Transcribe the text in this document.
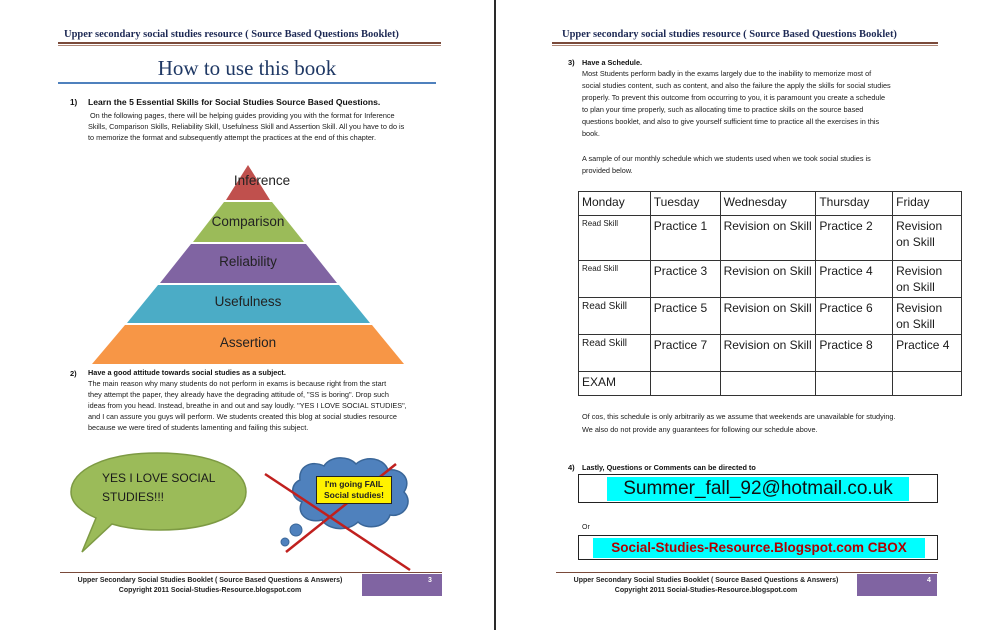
Upper secondary social studies resource ( Source Based Questions Booklet)
How to use this book
1) Learn the 5 Essential Skills for Social Studies Source Based Questions.
On the following pages, there will be helping guides providing you with the format for Inference
Skills, Comparison Skills, Reliability Skill, Usefulness Skill and Assertion Skill. All you have to do is
to memorize the format and subsequently attempt the practices at the end of this chapter.
Inference
Comparison
Reliability
Usefulness
Assertion
2) Have a good attitude towards social studies as a subject.
The main reason why many students do not perform in exams is because right from the start
they attempt the paper, they already have the degrading attitude of, "SS is boring". Drop such
ideas from you head. Instead, breathe in and out and say loudly. "YES I LOVE SOCIAL STUDIES",
and I can assure you guys will perform. We students created this blog at social studies resource
because we were tired of students lamenting and failing this subject.
YES I LOVE SOCIAL
STUDIES!!!
I'm going FAIL
Social studies!
Upper Secondary Social Studies Booklet ( Source Based Questions & Answers)
Copyright 2011 Social-Studies-Resource.blogspot.com
3
Upper secondary social studies resource ( Source Based Questions Booklet)
3) Have a Schedule.
Most Students perform badly in the exams largely due to the inability to memorize most of
social studies content, such as content, and also the failure the apply the skills for social studies
properly. To prevent this outcome from occurring to you, it is paramount you create a schedule
to plan your time properly, such as allocating time to practice skills on the source based
questions booklet, and also to give yourself sufficient time to practice all the exercises in this
book.
A sample of our monthly schedule which we students used when we took social studies is
provided below.
Monday	Tuesday	Wednesday	Thursday	Friday
Read Skill	Practice 1	Revision on Skill	Practice 2	Revision on Skill
Read Skill	Practice 3	Revision on Skill	Practice 4	Revision on Skill
Read Skill	Practice 5	Revision on Skill	Practice 6	Revision on Skill
Read Skill	Practice 7	Revision on Skill	Practice 8	Practice 4
EXAM				
Of cos, this schedule is only arbitrarily as we assume that weekends are unavailable for studying.
We also do not provide any guarantees for following our schedule above.
4) Lastly, Questions or Comments can be directed to
Summer_fall_92@hotmail.co.uk
Or
Social-Studies-Resource.Blogspot.com CBOX
Upper Secondary Social Studies Booklet ( Source Based Questions & Answers)
Copyright 2011 Social-Studies-Resource.blogspot.com
4
